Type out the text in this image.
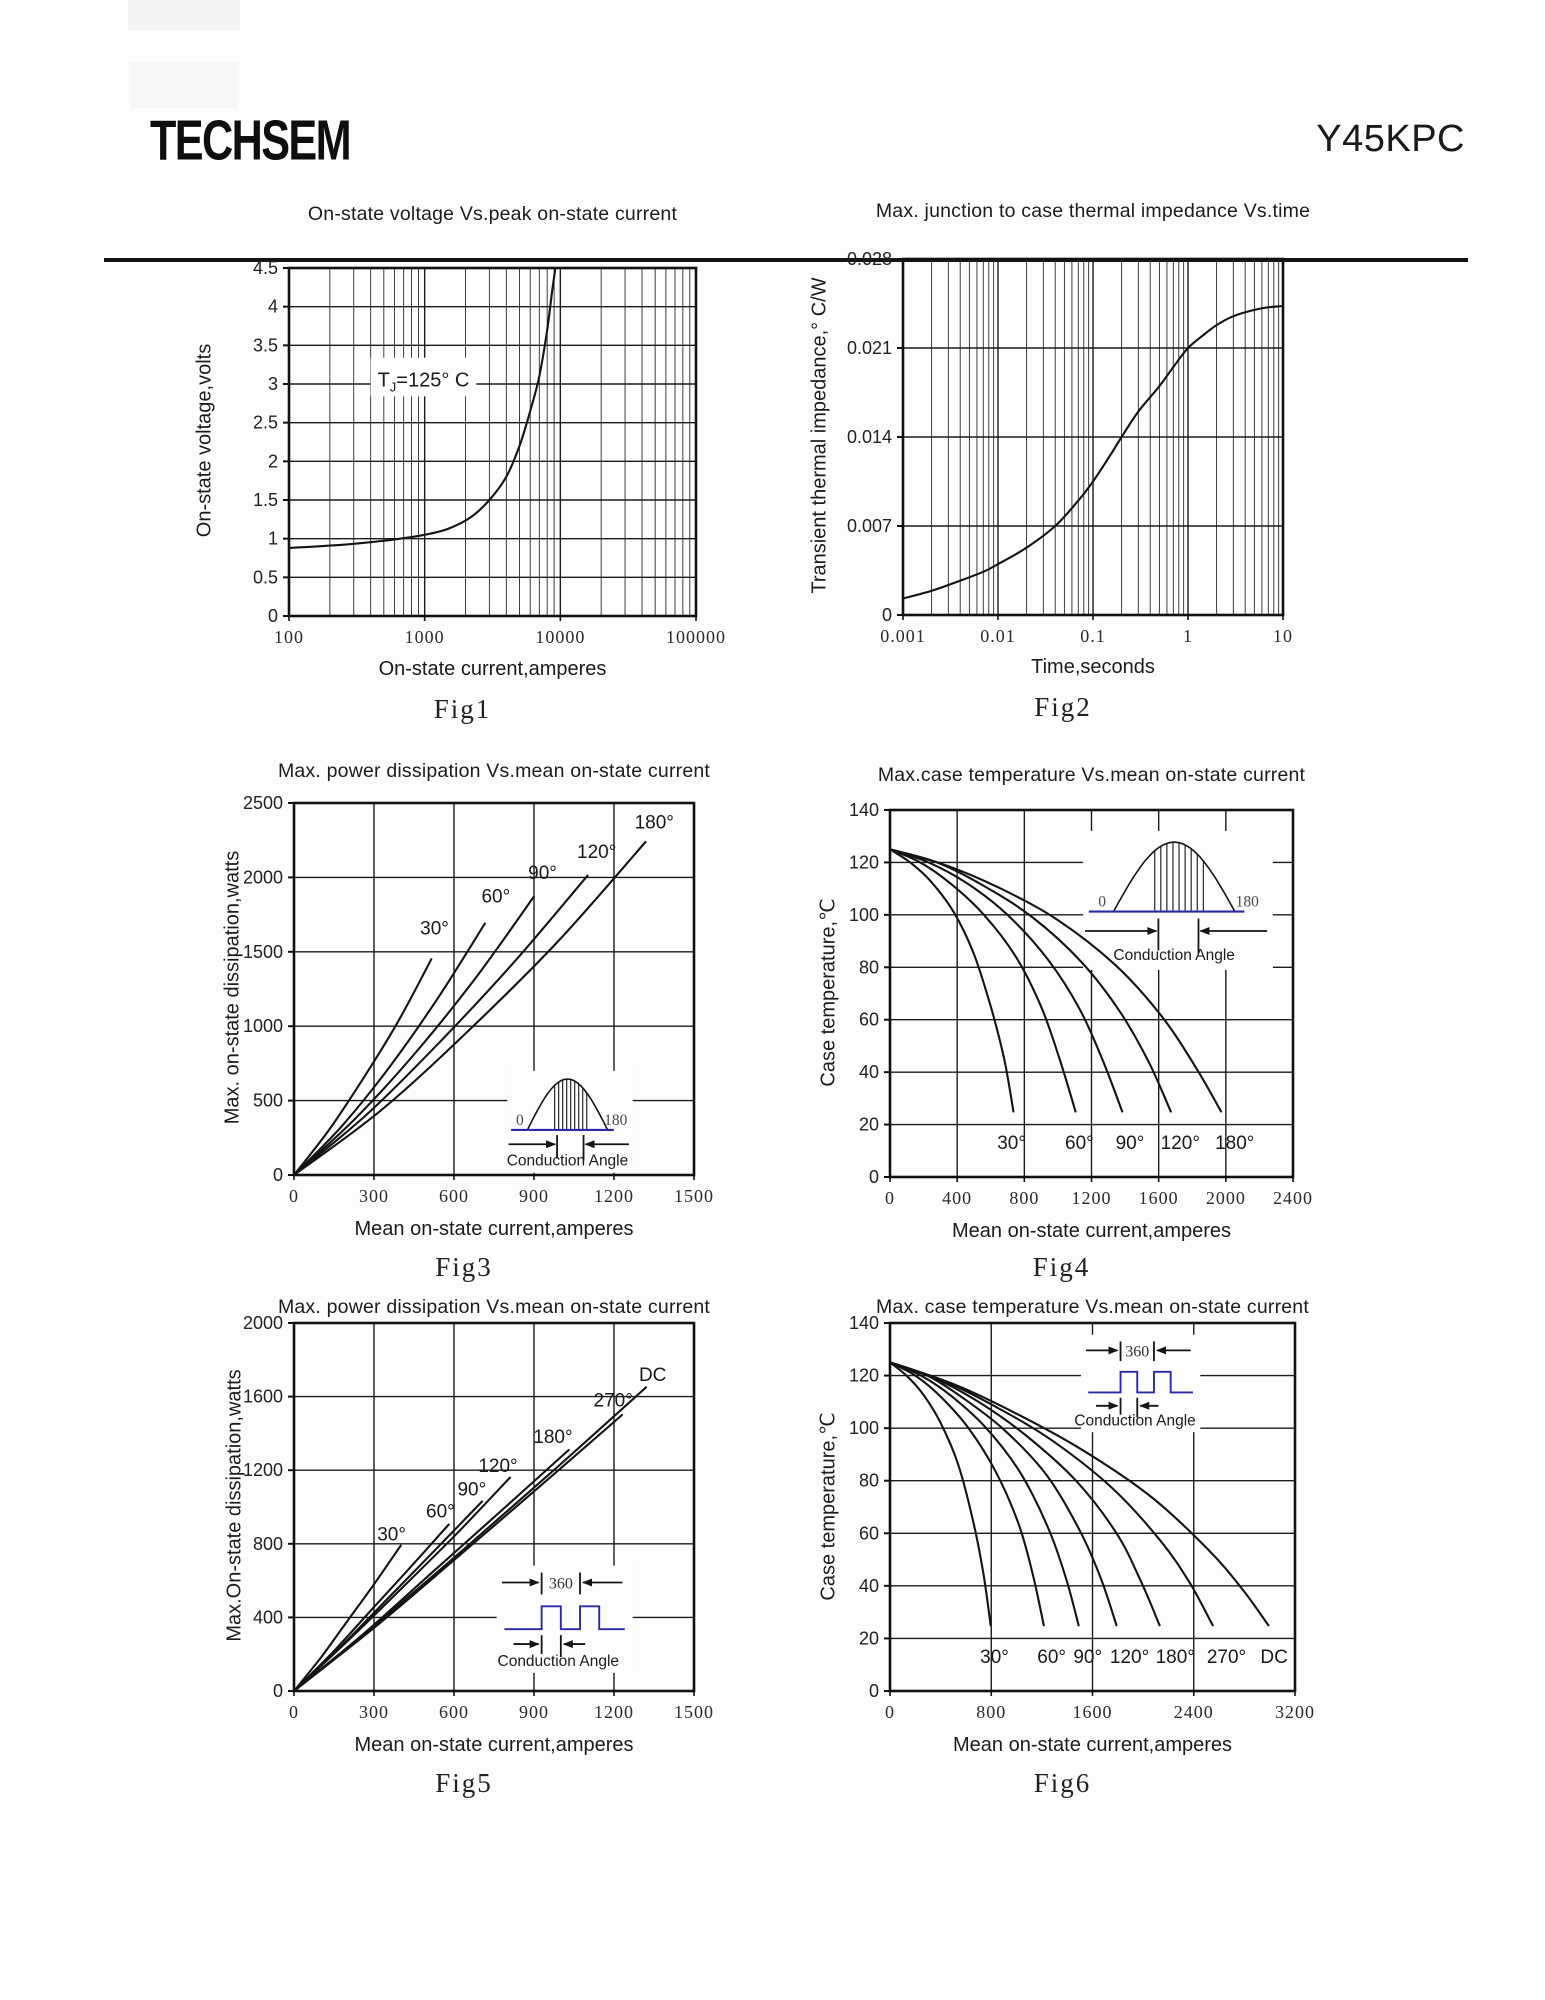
TECHSEM	Y45KPC
On-state voltage Vs.peak on-state current
On-state voltage,volts	$T_J=125^\circ$ C
100	1000	10000	100000
0
0.5
1
1.5
2
2.5
3
3.5
4
4.5
On-state current,amperes
Fig1
Max. junction to case thermal impedance Vs.time
Transient thermal impedance,° C/W
0.001	0.01	0.1	1	10
0
0.007
0.014
0.021
0.028
Time,seconds
Fig2
Max. power dissipation Vs.mean on-state current
Max. on-state dissipation,watts	0	180
Conduction Angle
0	300	600	900	1200 1500
0
500
1000
1500
2000
2500
30°
60°
90°
120°
180°
Mean on-state current,amperes
Fig3
Max.case temperature Vs.mean on-state current
Case temperature,℃	0	180
Conduction Angle
0	400 800 1200 1600 2000 2400
0
20
40
60
80
100
120
140
30° 60° 90° 120° 180°
Mean on-state current,amperes
Fig4
Max. power dissipation Vs.mean on-state current
Max.On-state dissipation,watts	360
Conduction Angle
0	300	600	900	1200 1500
0
400
800
1200
1600
2000
30°
60°
90°
120°
180°
270°
DC
Mean on-state current,amperes
Fig5
Max. case temperature Vs.mean on-state current
Case temperature,℃
360
Conduction Angle
0	800	1600	2400	3200
0
20
40
60
80
100
120
140
30° 60° 90° 120° 180° 270° DC
Mean on-state current,amperes
Fig6
